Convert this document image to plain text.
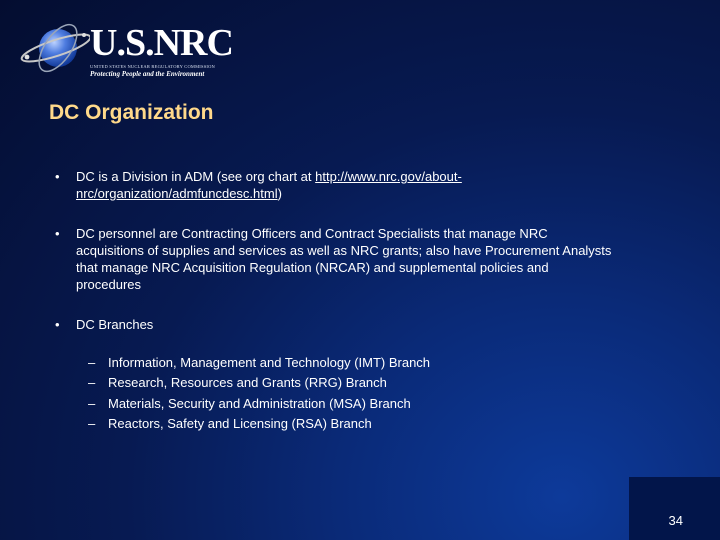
U.S.NRC
UNITED STATES NUCLEAR REGULATORY COMMISSION
Protecting People and the Environment
DC Organization
• DC is a Division in ADM (see org chart at http://www.nrc.gov/about-nrc/organization/admfuncdesc.html)
• DC personnel are Contracting Officers and Contract Specialists that manage NRC acquisitions of supplies and services as well as NRC grants; also have Procurement Analysts that manage NRC Acquisition Regulation (NRCAR) and supplemental policies and procedures
• DC Branches
– Information, Management and Technology (IMT) Branch
– Research, Resources and Grants (RRG) Branch
– Materials, Security and Administration (MSA) Branch
– Reactors, Safety and Licensing (RSA) Branch
34
